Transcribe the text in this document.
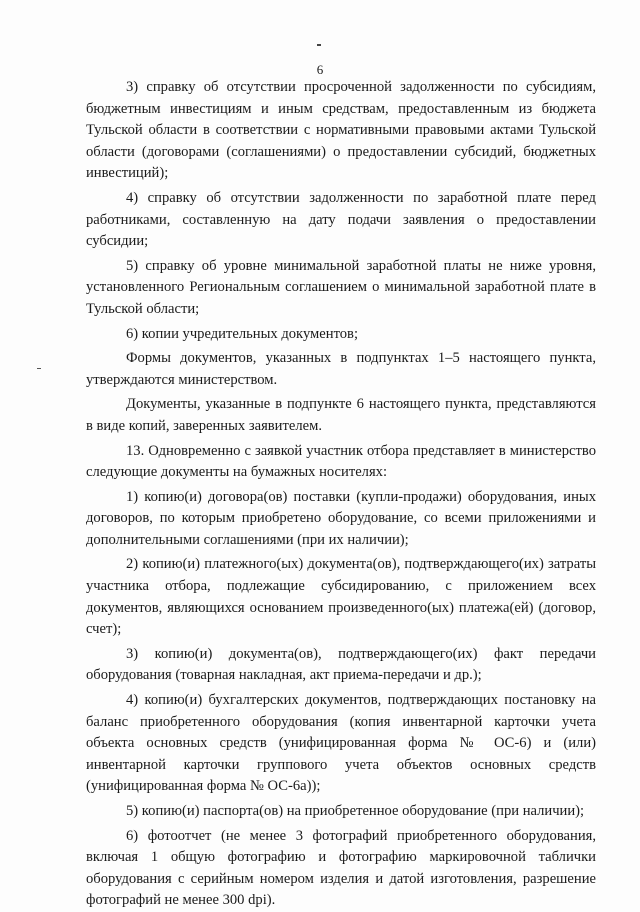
6

3) справку об отсутствии просроченной задолженности по субсидиям, бюджетным инвестициям и иным средствам, предоставленным из бюджета Тульской области в соответствии с нормативными правовыми актами Тульской области (договорами (соглашениями) о предоставлении субсидий, бюджетных инвестиций);

4) справку об отсутствии задолженности по заработной плате перед работниками, составленную на дату подачи заявления о предоставлении субсидии;

5) справку об уровне минимальной заработной платы не ниже уровня, установленного Региональным соглашением о минимальной заработной плате в Тульской области;

6) копии учредительных документов;

Формы документов, указанных в подпунктах 1–5 настоящего пункта, утверждаются министерством.

Документы, указанные в подпункте 6 настоящего пункта, представляются в виде копий, заверенных заявителем.

13. Одновременно с заявкой участник отбора представляет в министерство следующие документы на бумажных носителях:

1) копию(и) договора(ов) поставки (купли-продажи) оборудования, иных договоров, по которым приобретено оборудование, со всеми приложениями и дополнительными соглашениями (при их наличии);

2) копию(и) платежного(ых) документа(ов), подтверждающего(их) затраты участника отбора, подлежащие субсидированию, с приложением всех документов, являющихся основанием произведенного(ых) платежа(ей) (договор, счет);

3) копию(и) документа(ов), подтверждающего(их) факт передачи оборудования (товарная накладная, акт приема-передачи и др.);

4) копию(и) бухгалтерских документов, подтверждающих постановку на баланс приобретенного оборудования (копия инвентарной карточки учета объекта основных средств (унифицированная форма № ОС-6) и (или) инвентарной карточки группового учета объектов основных средств (унифицированная форма № ОС-6а));

5) копию(и) паспорта(ов) на приобретенное оборудование (при наличии);

6) фотоотчет (не менее 3 фотографий приобретенного оборудования, включая 1 общую фотографию и фотографию маркировочной таблички оборудования с серийным номером изделия и датой изготовления, разрешение фотографий не менее 300 dpi).
